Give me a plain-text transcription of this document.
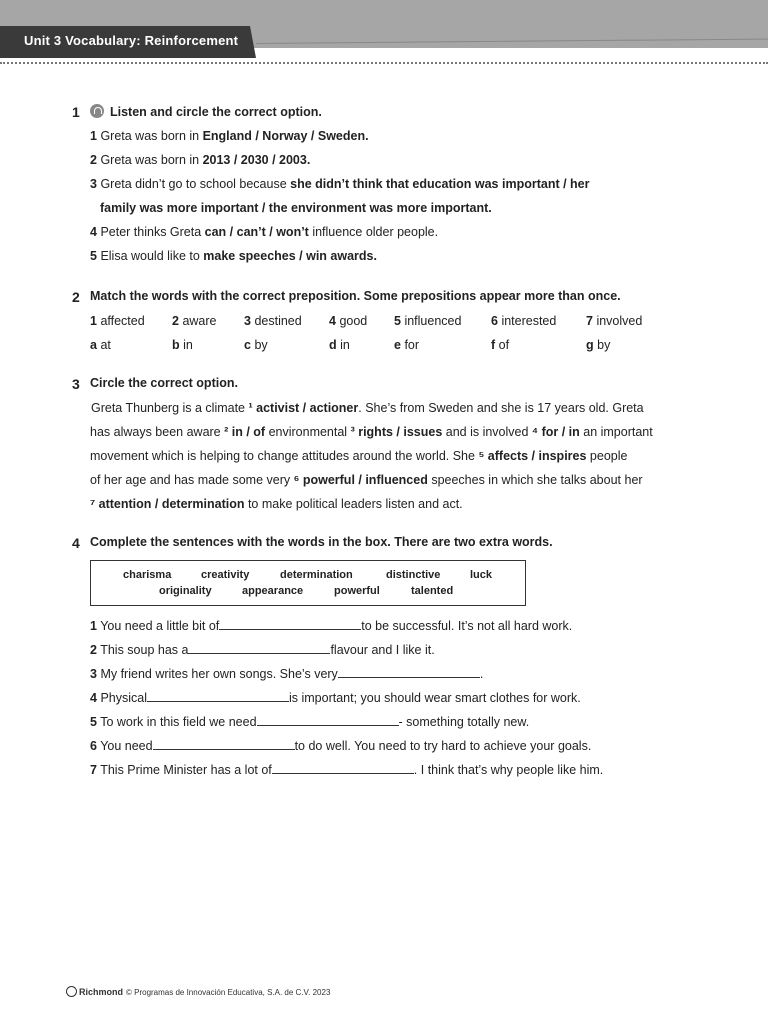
Unit 3 Vocabulary: Reinforcement
1	Listen and circle the correct option.
1 Greta was born in England / Norway / Sweden.
2 Greta was born in 2013 / 2030 / 2003.
3 Greta didn’t go to school because she didn’t think that education was important / her
family was more important / the environment was more important.
4 Peter thinks Greta can / can’t / won’t influence older people.
5 Elisa would like to make speeches / win awards.
2 Match the words with the correct preposition. Some prepositions appear more than once.
1 affected 2 aware 3 destined 4 good 5 influenced 6 interested 7 involved
a at	b in	c by	d in	e for	f of	g by
3 Circle the correct option.
Greta Thunberg is a climate ¹ activist / actioner. She’s from Sweden and she is 17 years old. Greta
has always been aware ² in / of environmental ³ rights / issues and is involved ⁴ for / in an important
movement which is helping to change attitudes around the world. She ⁵ affects / inspires people
of her age and has made some very ⁶ powerful / influenced speeches in which she talks about her
⁷ attention / determination to make political leaders listen and act.
4 Complete the sentences with the words in the box. There are two extra words.
charisma	creativity	determination	distinctive	luck
originality	appearance	powerful	talented
1 You need a little bit of	to be successful. It’s not all hard work.
2 This soup has a	flavour and I like it.
3 My friend writes her own songs. She’s very	.
4 Physical	is important; you should wear smart clothes for work.
5 To work in this field we need	- something totally new.
6 You need	to do well. You need to try hard to achieve your goals.
7 This Prime Minister has a lot of	. I think that’s why people like him.
Richmond © Programas de Innovación Educativa, S.A. de C.V. 2023
